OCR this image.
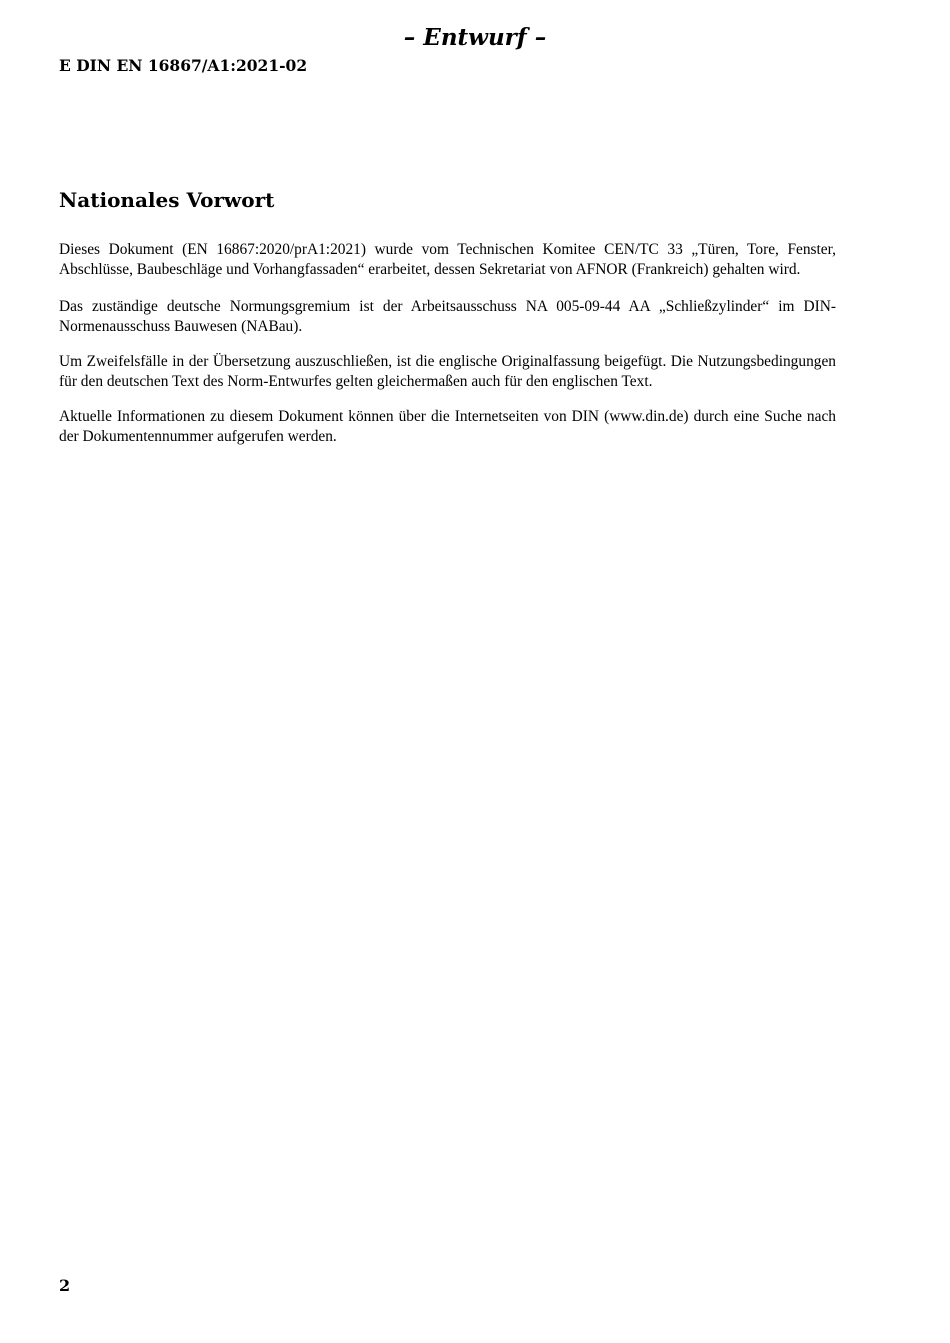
– Entwurf –
E DIN EN 16867/A1:2021-02
Nationales Vorwort

Dieses Dokument (EN 16867:2020/prA1:2021) wurde vom Technischen Komitee CEN/TC 33 „Türen, Tore, Fenster, Abschlüsse, Baubeschläge und Vorhangfassaden“ erarbeitet, dessen Sekretariat von AFNOR (Frankreich) gehalten wird.

Das zuständige deutsche Normungsgremium ist der Arbeitsausschuss NA 005-09-44 AA „Schließzylinder“ im DIN-Normenausschuss Bauwesen (NABau).

Um Zweifelsfälle in der Übersetzung auszuschließen, ist die englische Originalfassung beigefügt. Die Nutzungsbedingungen für den deutschen Text des Norm-Entwurfes gelten gleichermaßen auch für den englischen Text.

Aktuelle Informationen zu diesem Dokument können über die Internetseiten von DIN (www.din.de) durch eine Suche nach der Dokumentennummer aufgerufen werden.

2
